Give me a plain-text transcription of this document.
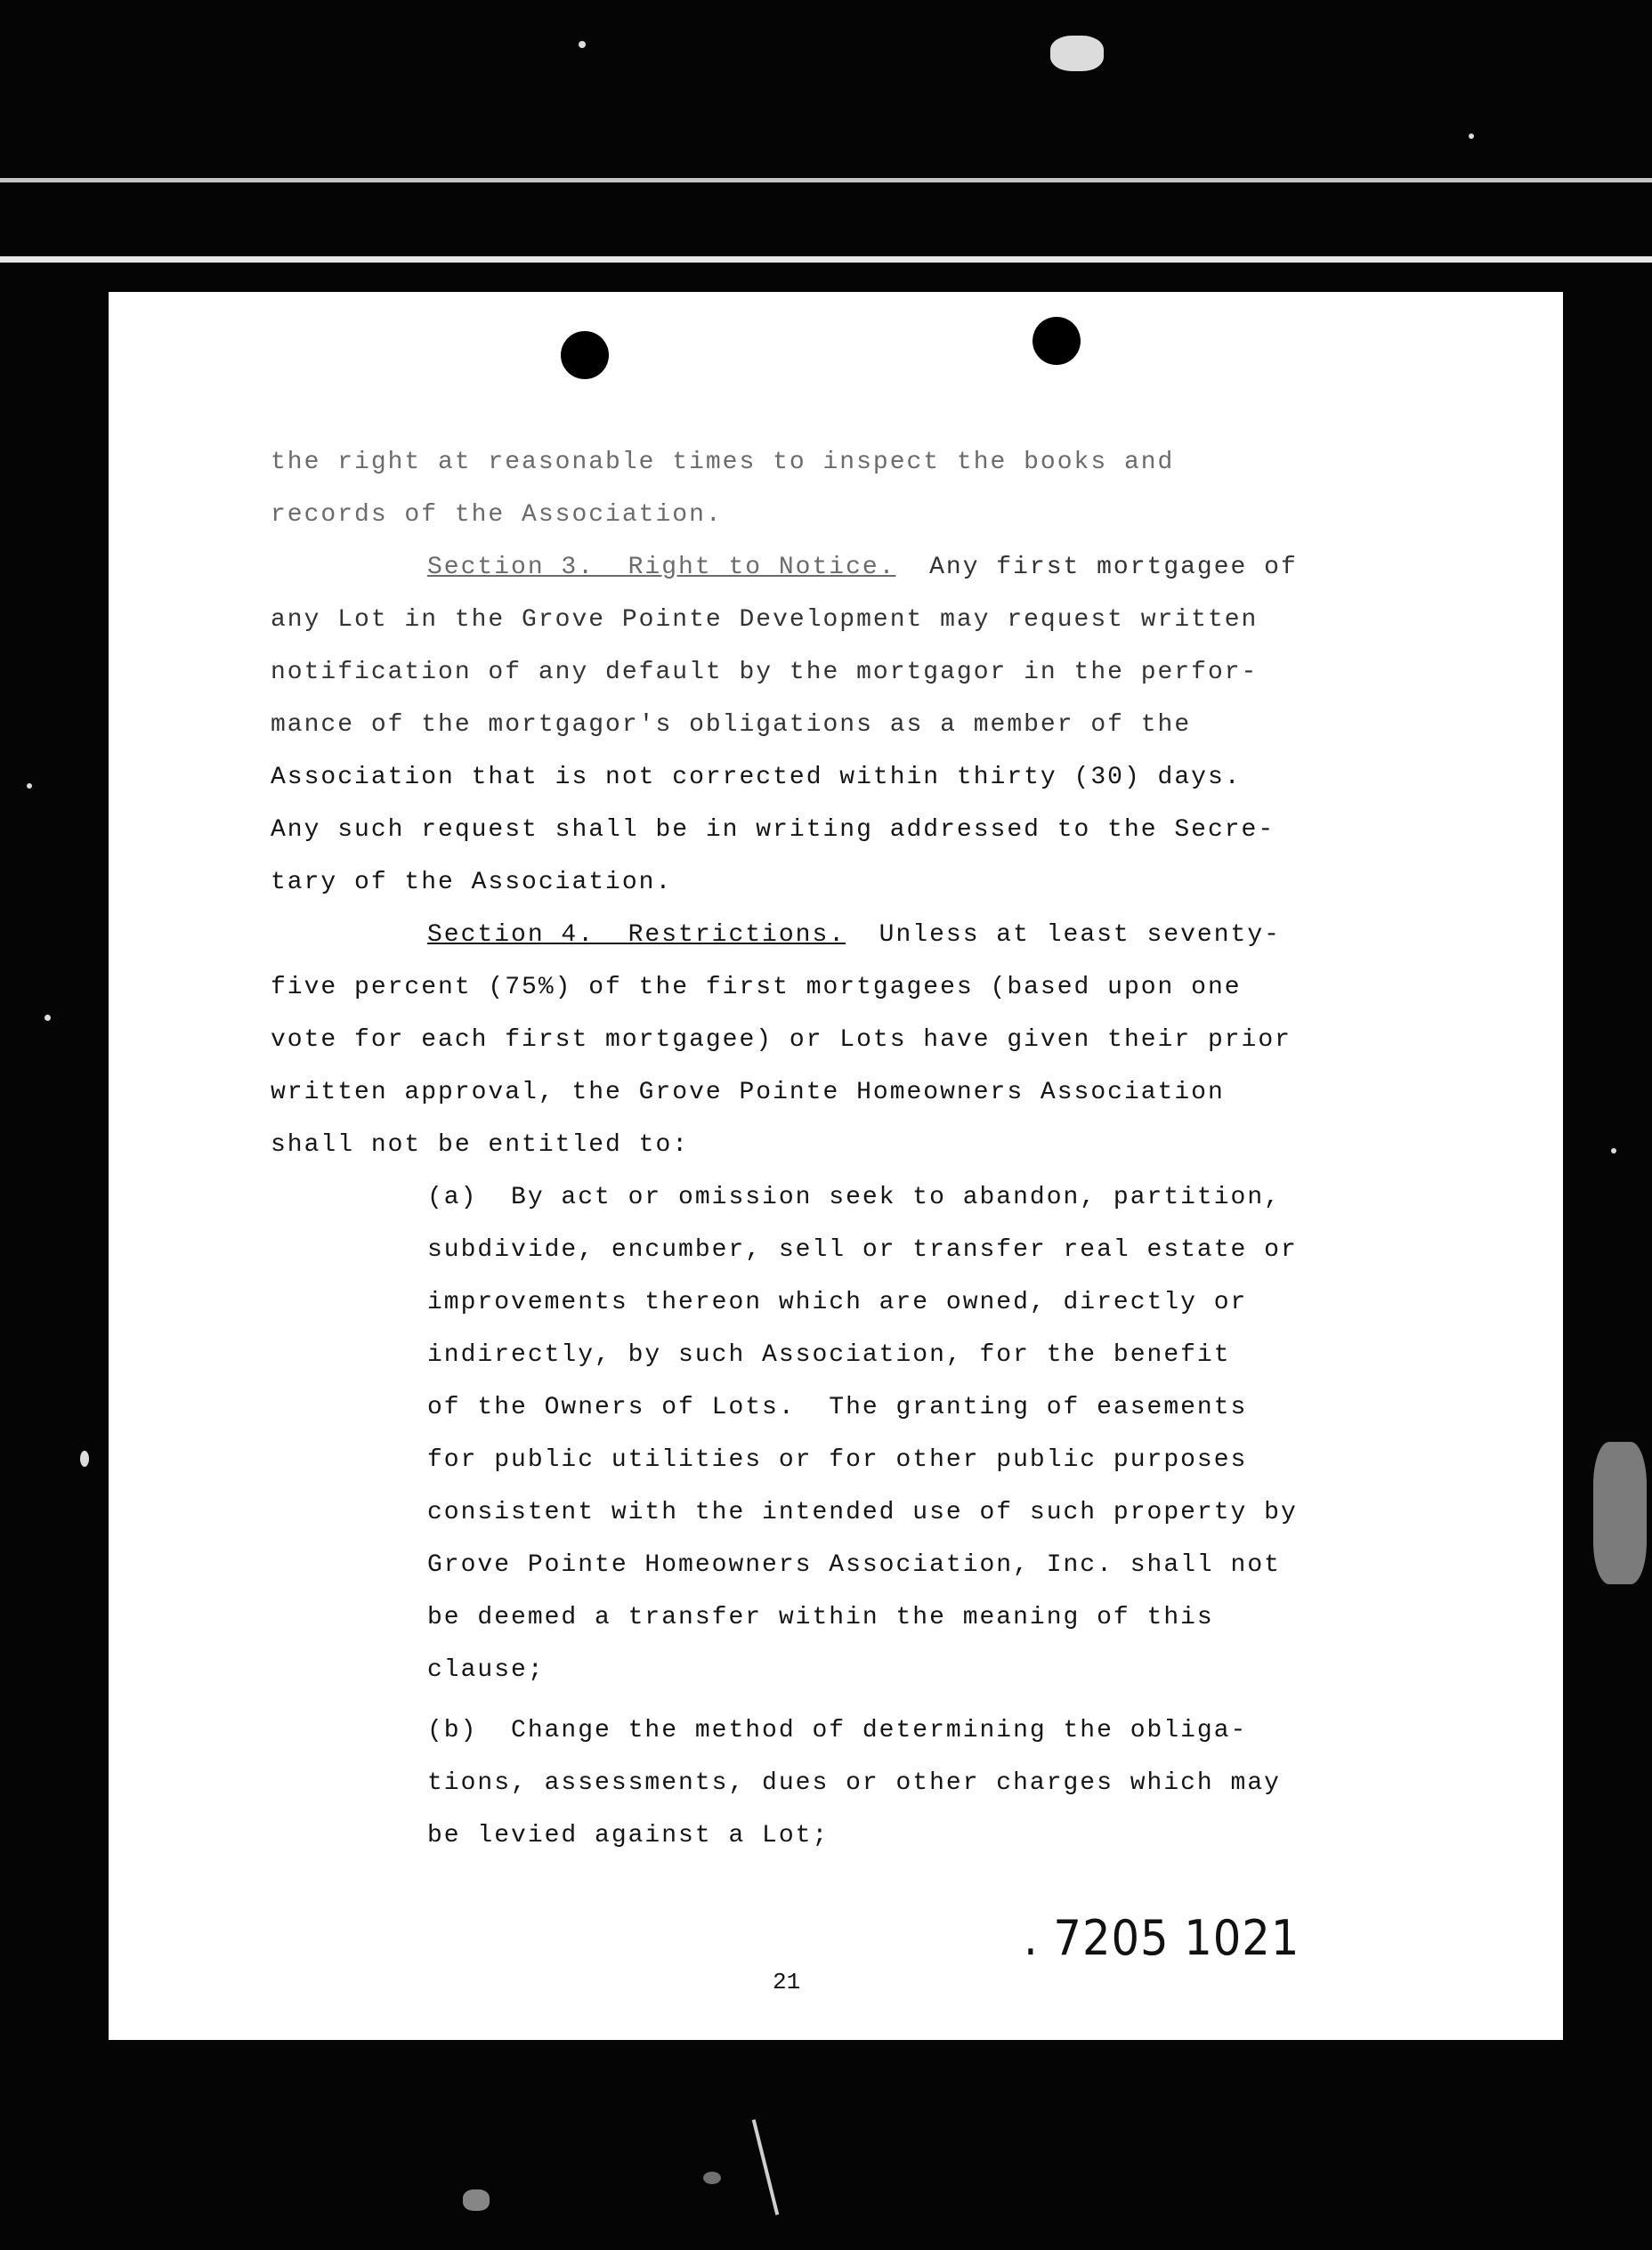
the right at reasonable times to inspect the books and
records of the Association.
Section 3.  Right to Notice.  Any first mortgagee of
any Lot in the Grove Pointe Development may request written
notification of any default by the mortgagor in the perfor-
mance of the mortgagor's obligations as a member of the
Association that is not corrected within thirty (30) days.
Any such request shall be in writing addressed to the Secre-
tary of the Association.
Section 4.  Restrictions.  Unless at least seventy-
five percent (75%) of the first mortgagees (based upon one
vote for each first mortgagee) or Lots have given their prior
written approval, the Grove Pointe Homeowners Association
shall not be entitled to:
(a)  By act or omission seek to abandon, partition,
subdivide, encumber, sell or transfer real estate or
improvements thereon which are owned, directly or
indirectly, by such Association, for the benefit
of the Owners of Lots.  The granting of easements
for public utilities or for other public purposes
consistent with the intended use of such property by
Grove Pointe Homeowners Association, Inc. shall not
be deemed a transfer within the meaning of this
clause;
(b)  Change the method of determining the obliga-
tions, assessments, dues or other charges which may
be levied against a Lot;
. 7205 1021
21
